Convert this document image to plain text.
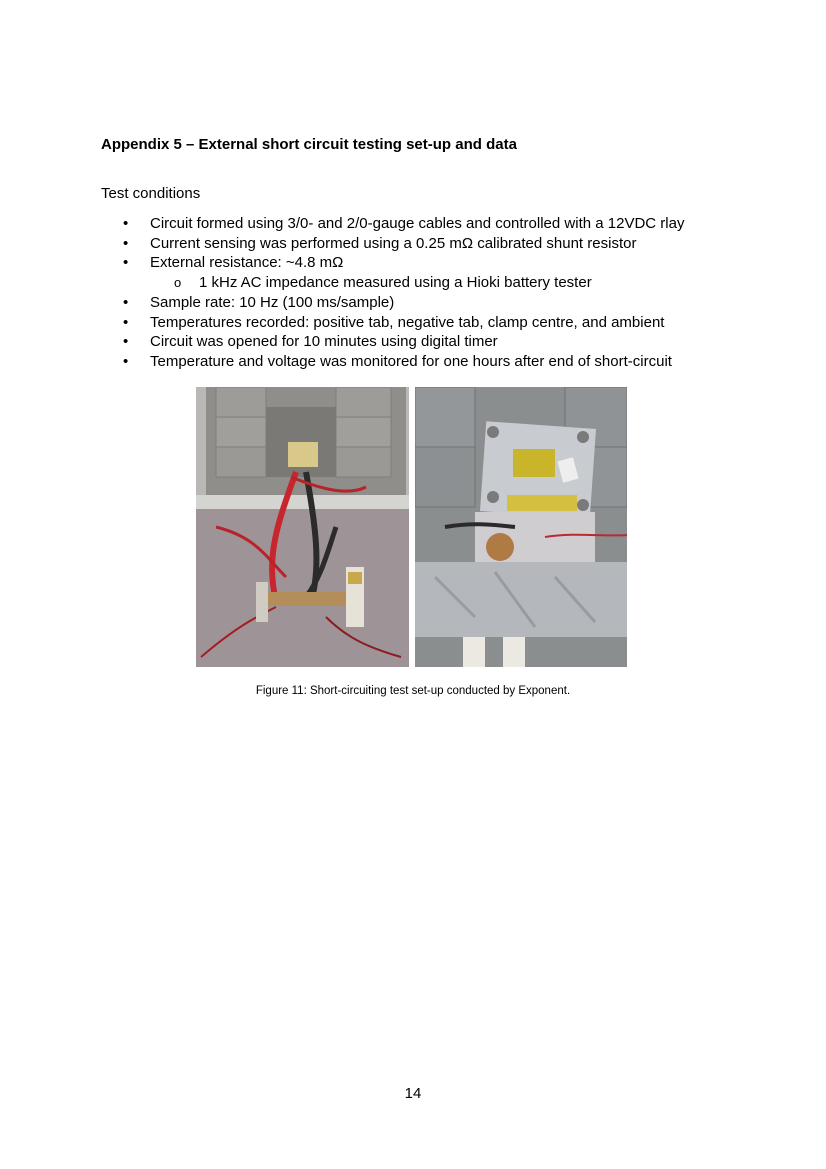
Appendix 5 – External short circuit testing set-up and data

Test conditions

• Circuit formed using 3/0- and 2/0-gauge cables and controlled with a 12VDC rlay
• Current sensing was performed using a 0.25 mΩ calibrated shunt resistor
• External resistance: ~4.8 mΩ
o 1 kHz AC impedance measured using a Hioki battery tester
• Sample rate: 10 Hz (100 ms/sample)
• Temperatures recorded: positive tab, negative tab, clamp centre, and ambient
• Circuit was opened for 10 minutes using digital timer
• Temperature and voltage was monitored for one hours after end of short-circuit

Figure 11: Short-circuiting test set-up conducted by Exponent.

14
